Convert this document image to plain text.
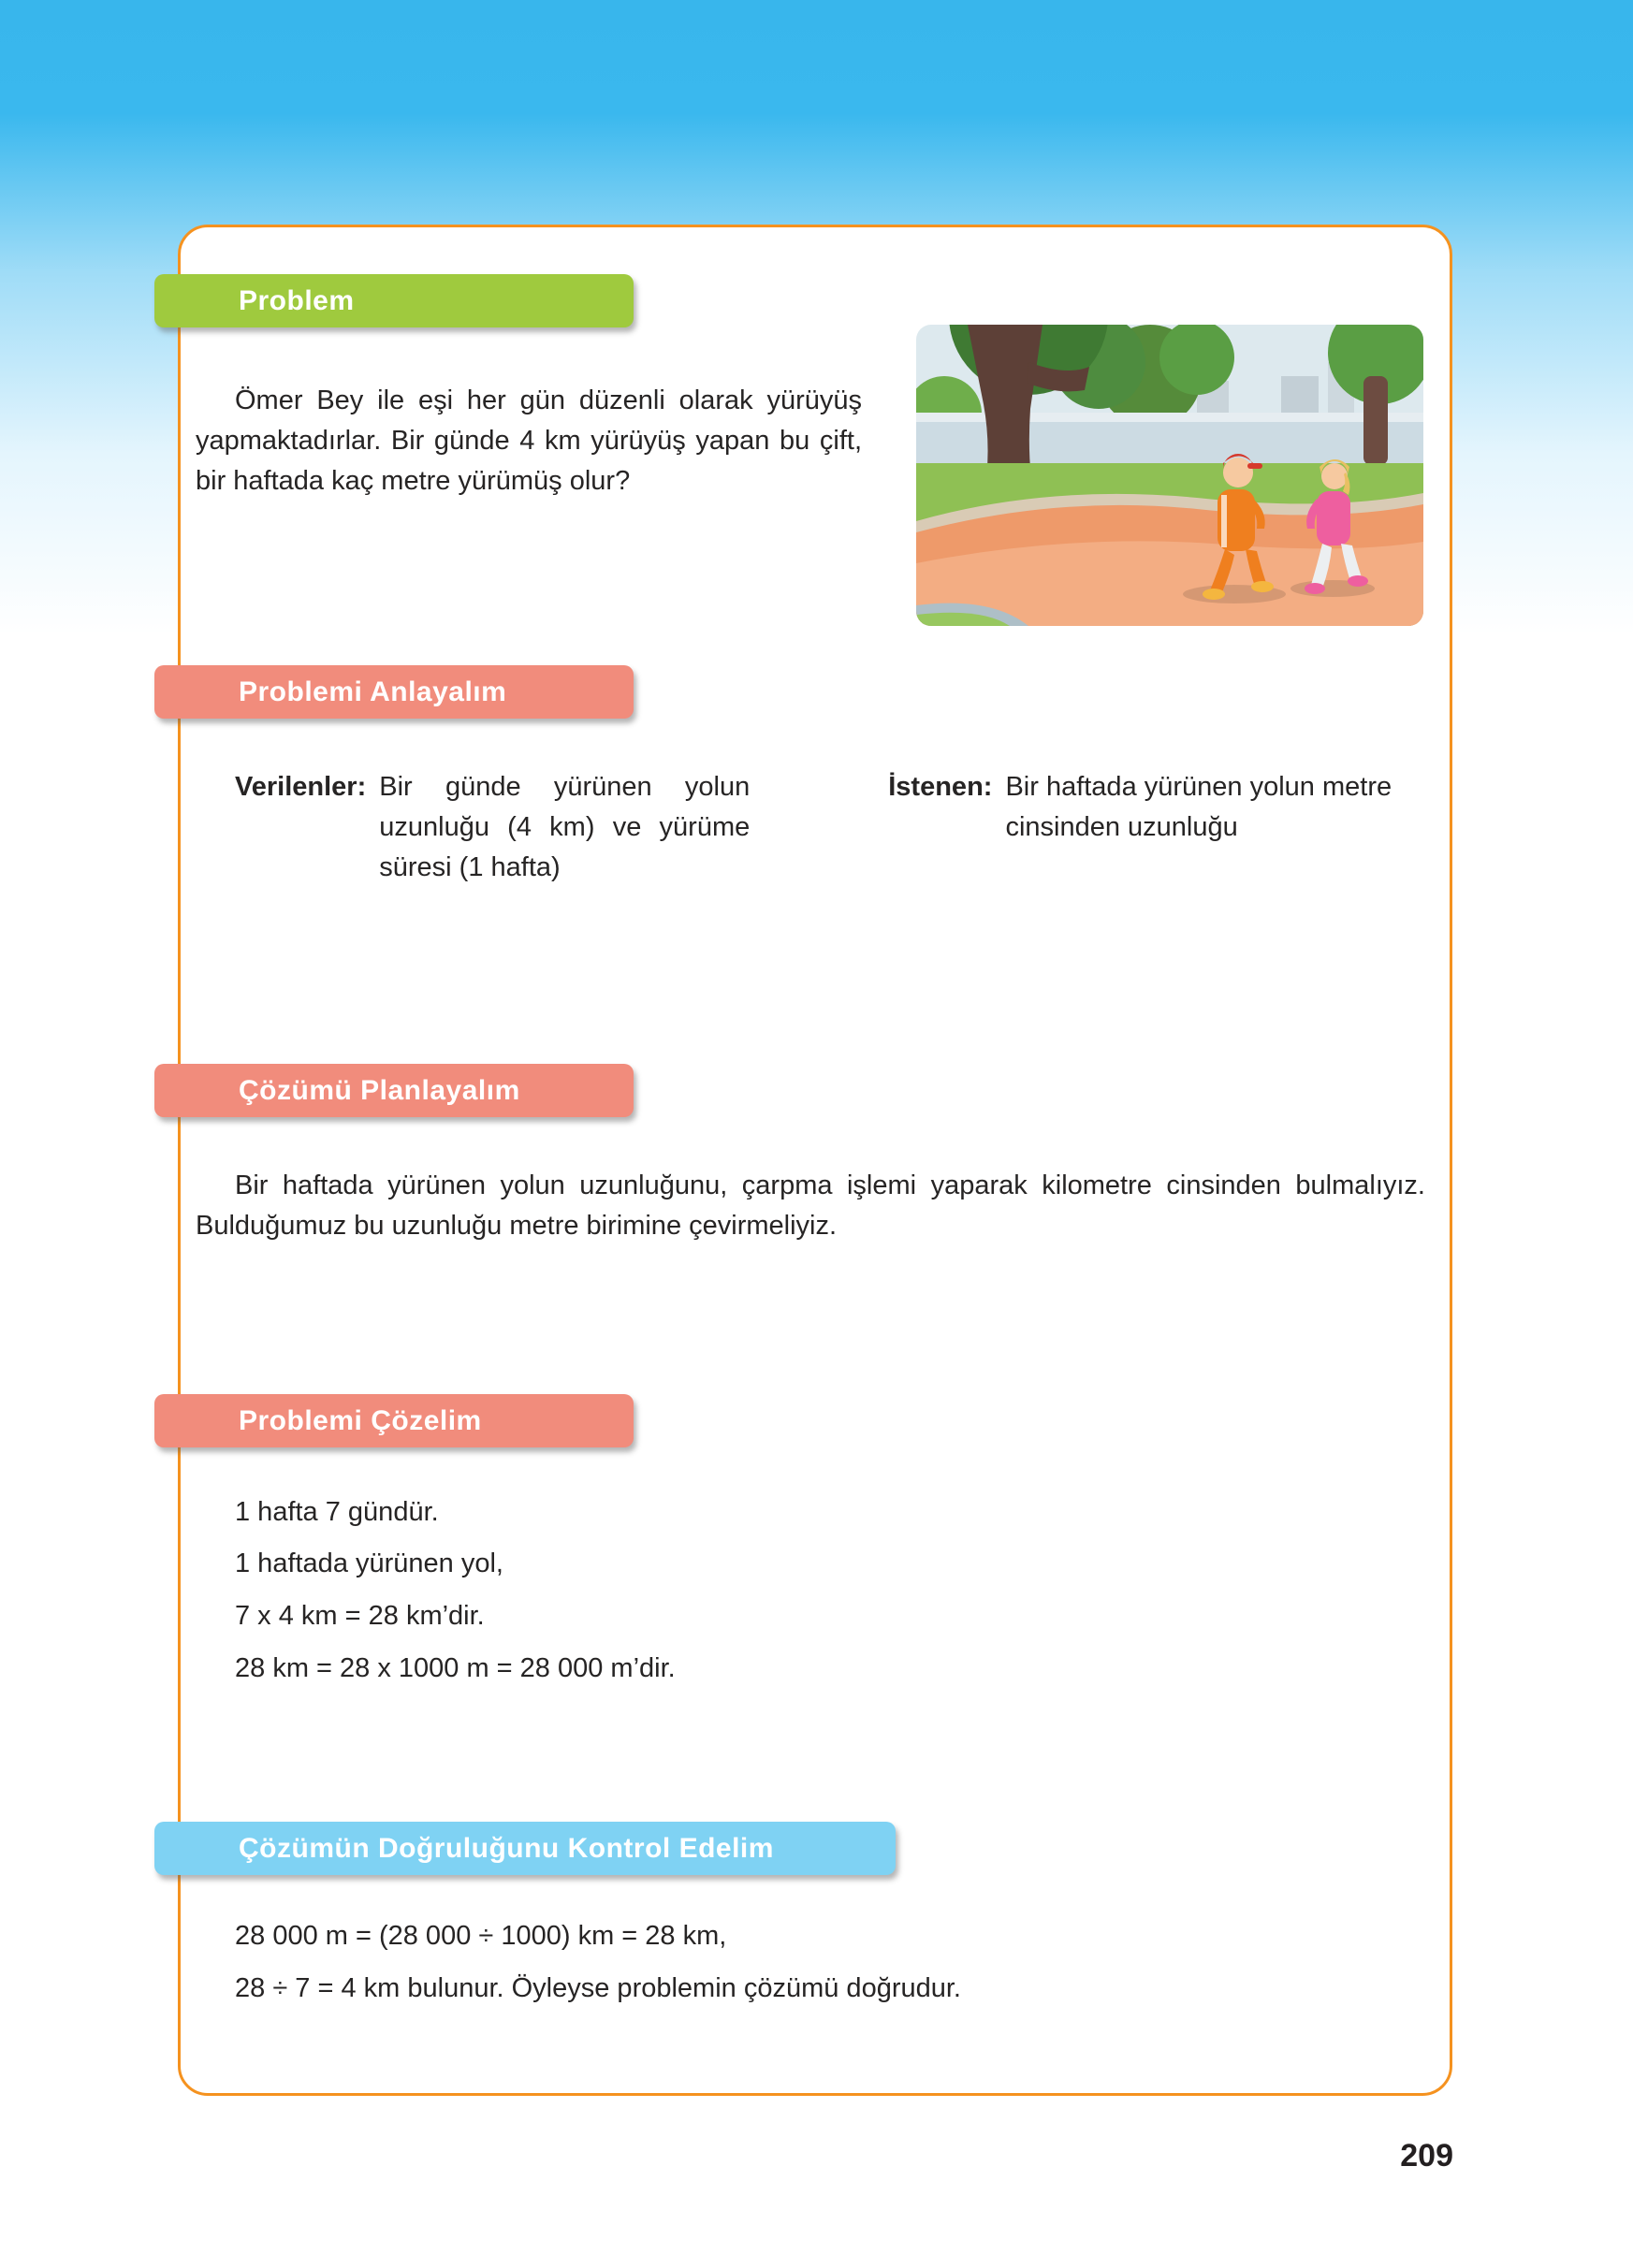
Problem

Ömer Bey ile eşi her gün düzenli olarak yürüyüş yapmaktadırlar. Bir günde 4 km yürüyüş yapan bu çift, bir haftada kaç metre yürümüş olur?

Problemi Anlayalım
Verilenler: Bir günde yürünen yolun uzunluğu (4 km) ve yürüme süresi (1 hafta)
İstenen: Bir haftada yürünen yolun metre cinsinden uzunluğu
Çözümü Planlayalım

Bir haftada yürünen yolun uzunluğunu, çarpma işlemi yaparak kilometre cinsinden bulmalıyız. Bulduğumuz bu uzunluğu metre birimine çevirmeliyiz.

Problemi Çözelim
1 hafta 7 gündür.
1 haftada yürünen yol,
7 x 4 km = 28 km’dir.
28 km = 28 x 1000 m = 28 000 m’dir.
Çözümün Doğruluğunu Kontrol Edelim
28 000 m = (28 000 ÷ 1000) km = 28 km,
28 ÷ 7 = 4 km bulunur. Öyleyse problemin çözümü doğrudur.
209
